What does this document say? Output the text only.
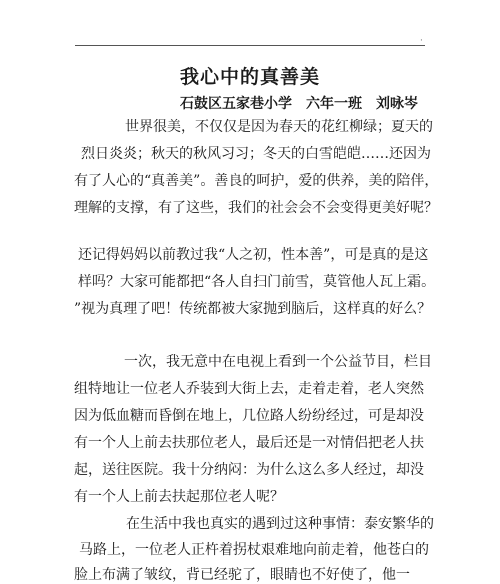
·
我心中的真善美
石鼓区五家巷小学　六年一班　刘咏岑
世界很美，不仅仅是因为春天的花红柳绿；夏天的
烈日炎炎；秋天的秋风习习；冬天的白雪皑皑……还因为
有了人心的“真善美”。善良的呵护，爱的供养，美的陪伴，
理解的支撑，有了这些，我们的社会会不会变得更美好呢？
还记得妈妈以前教过我“人之初，性本善”，可是真的是这
样吗？大家可能都把“各人自扫门前雪，莫管他人瓦上霜。
”视为真理了吧！传统都被大家抛到脑后，这样真的好么？
一次，我无意中在电视上看到一个公益节目，栏目
组特地让一位老人乔装到大街上去，走着走着，老人突然
因为低血糖而昏倒在地上，几位路人纷纷经过，可是却没
有一个人上前去扶那位老人，最后还是一对情侣把老人扶
起，送往医院。我十分纳闷：为什么这么多人经过，却没
有一个人上前去扶起那位老人呢？
在生活中我也真实的遇到过这种事情：泰安繁华的
马路上，一位老人正杵着拐杖艰难地向前走着，他苍白的
脸上布满了皱纹，背已经驼了，眼睛也不好使了，他一
